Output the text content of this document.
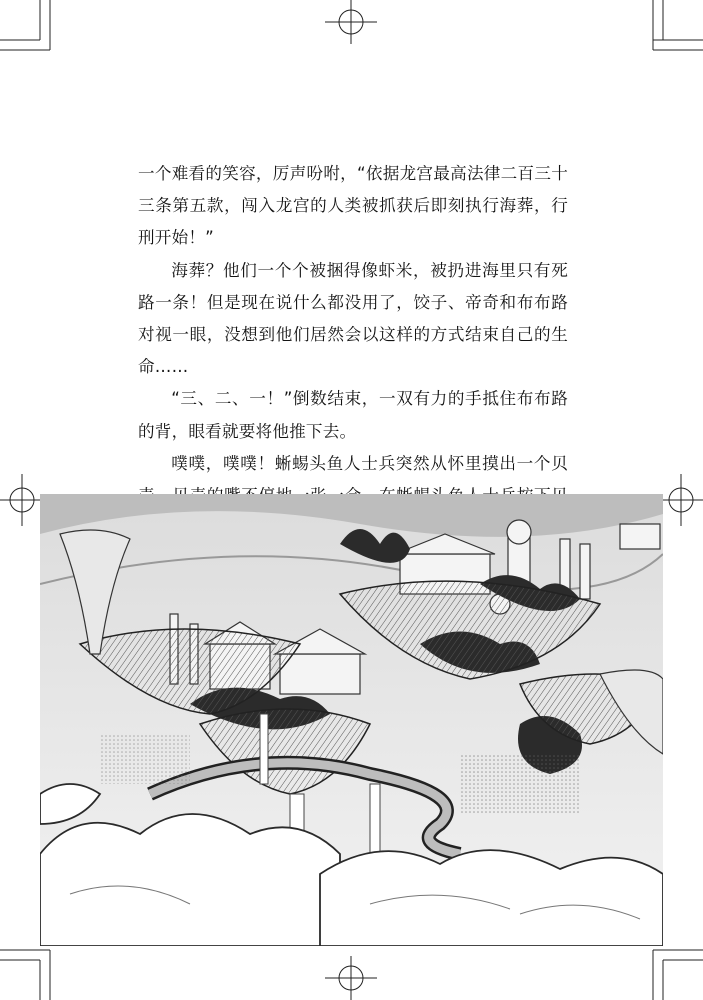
一个难看的笑容，厉声吩咐，“依据龙宫最高法律二百三十三条第五款，闯入龙宫的人类被抓获后即刻执行海葬，行刑开始！”

海葬？他们一个个被捆得像虾米，被扔进海里只有死路一条！但是现在说什么都没用了，饺子、帝奇和布布路对视一眼，没想到他们居然会以这样的方式结束自己的生命……

“三、二、一！”倒数结束，一双有力的手抵住布布路的背，眼看就要将他推下去。

噗噗，噗噗！蜥蜴头鱼人士兵突然从怀里摸出一个贝
